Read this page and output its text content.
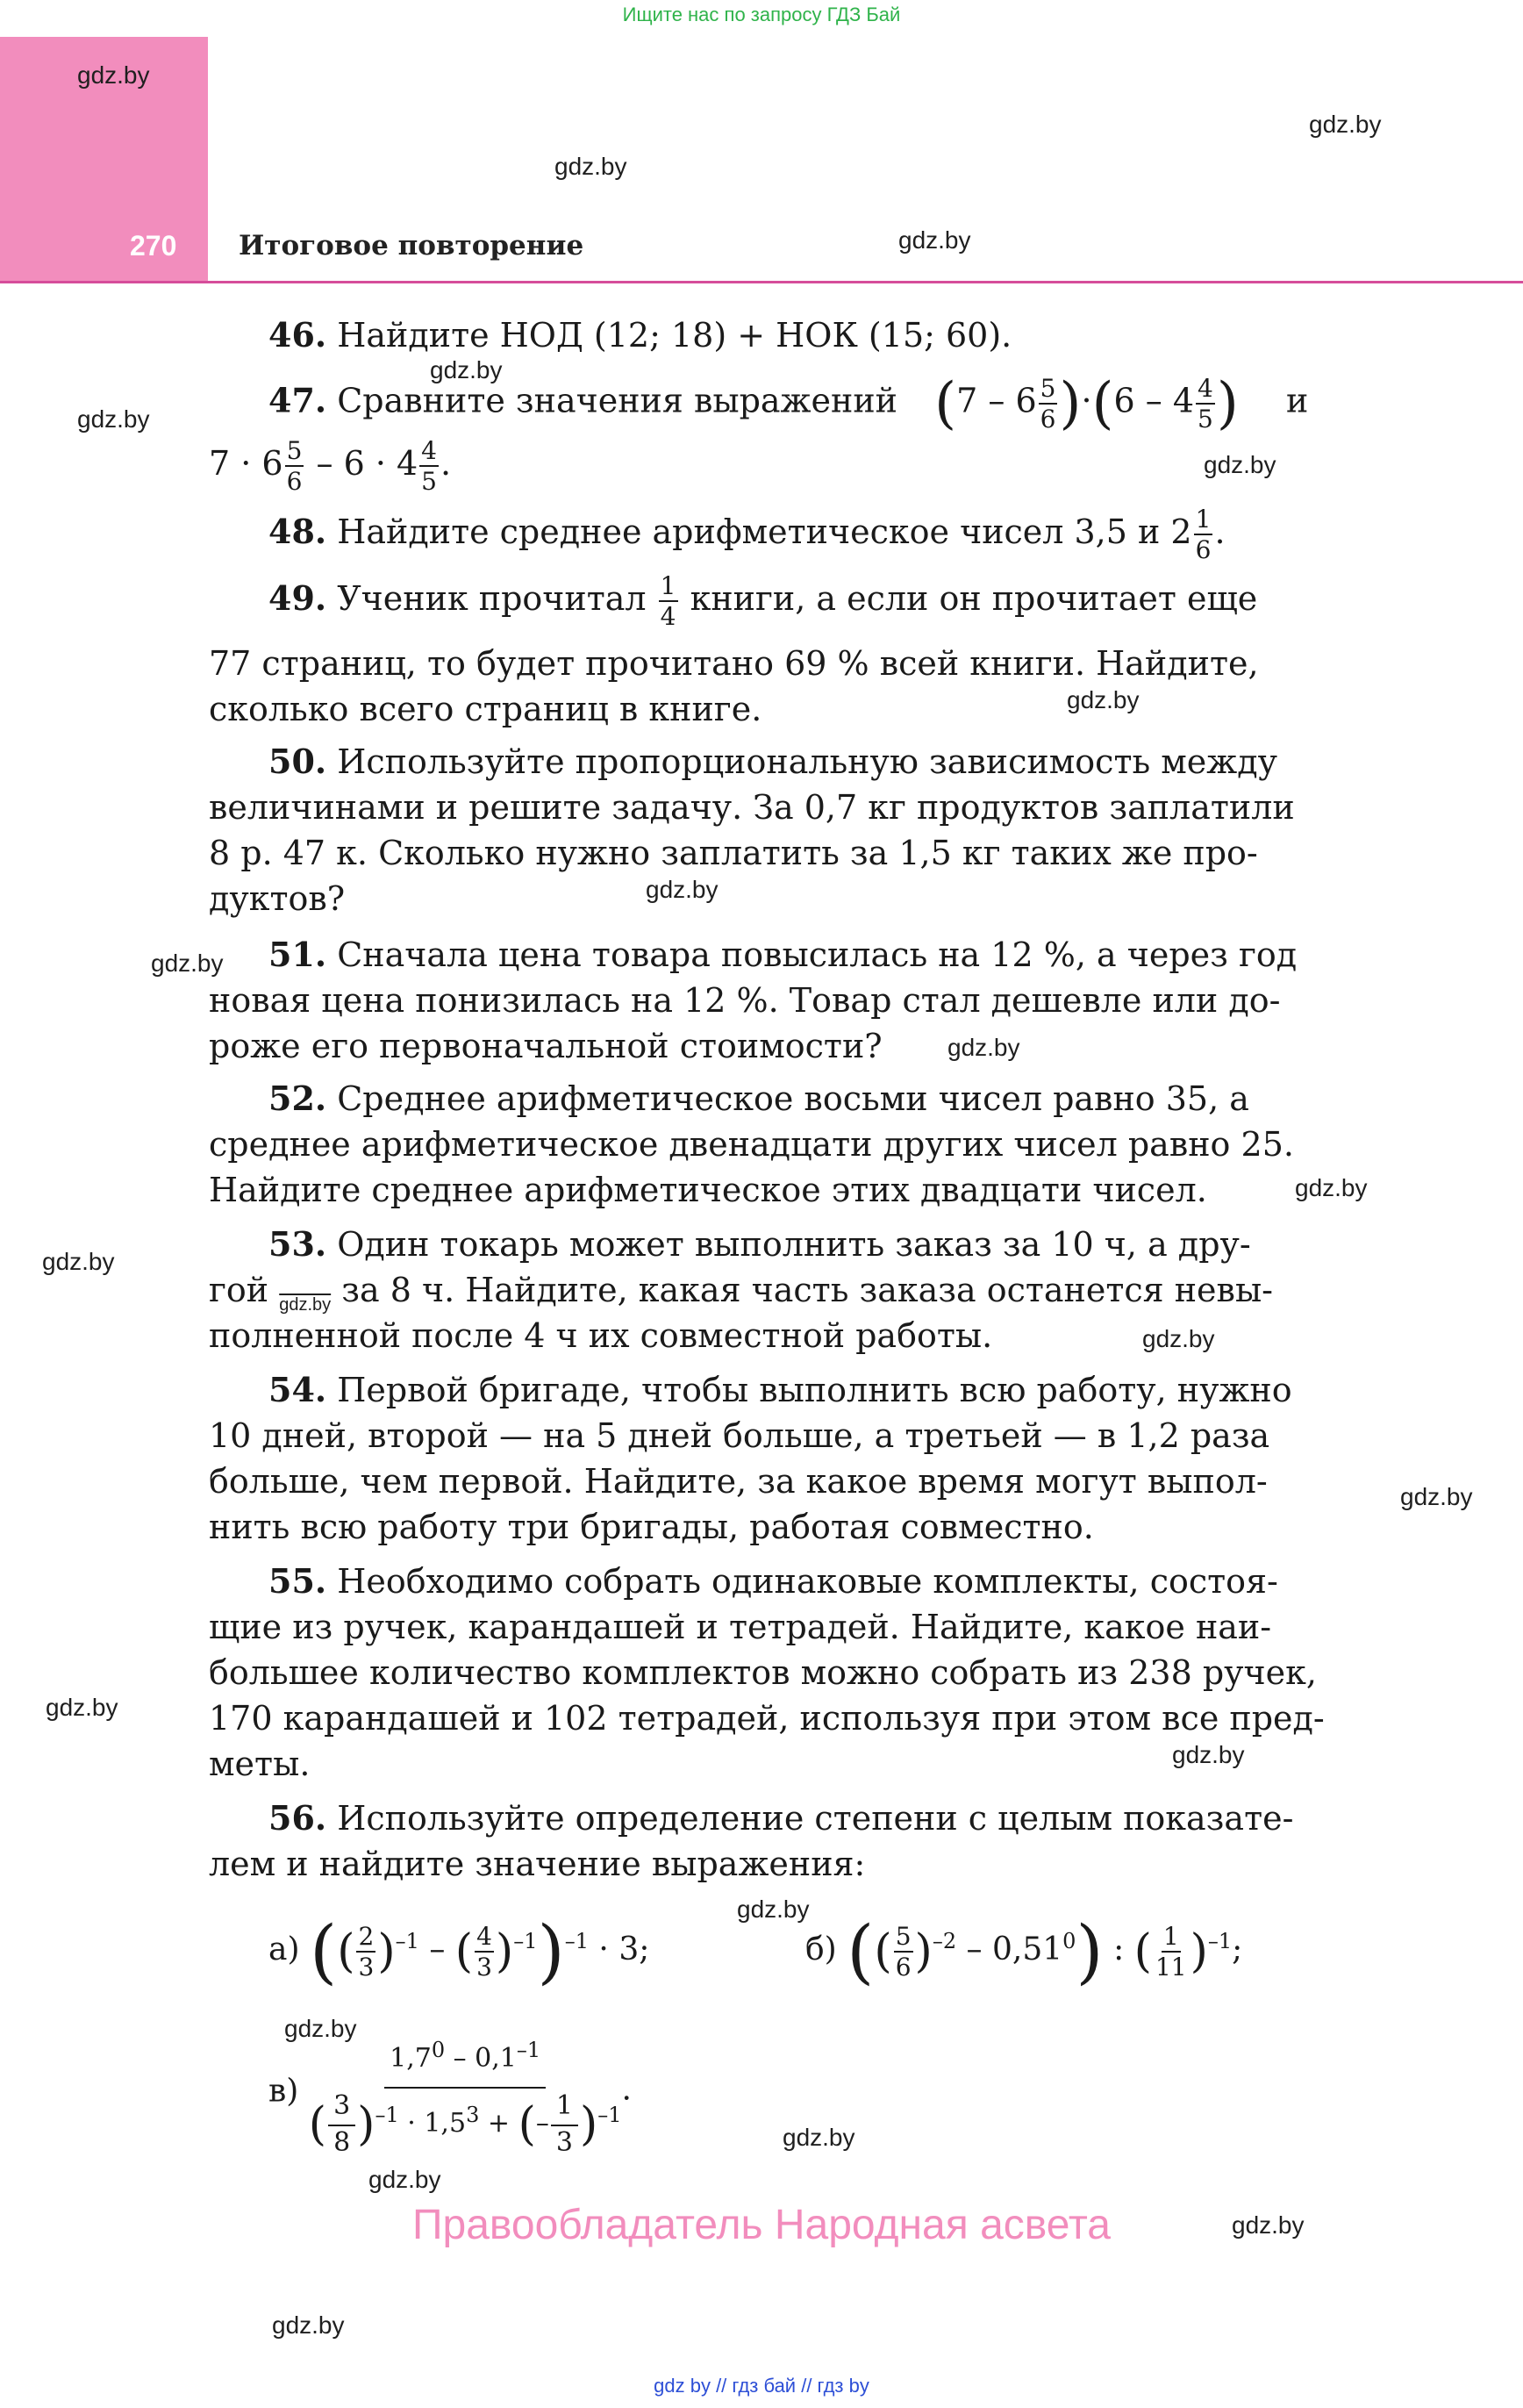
Ищите нас по запросу ГДЗ Бай
270 Итоговое повторение
gdz.by
gdz.by
gdz.by
gdz.by
gdz.by
gdz.by
gdz.by
gdz.by
gdz.by
gdz.by
gdz.by
gdz.by
gdz.by
gdz.by
gdz.by
gdz.by
gdz.by
gdz.by
gdz.by
gdz.by
gdz.by
gdz.by
gdz.by
46. Найдите НОД (12; 18) + НОК (15; 60).
47. Сравните значения выражений $(7 - 6 \frac{5}{6} )\cdot(6 - 4 \frac{4}{5}$ ) и
$7 \cdot 6 \frac{5}{6} - 6 \cdot 4 \frac{4}{5}$ .
48. Найдите среднее арифметическое чисел 3,5 и $2 \frac{1}{6}$ .
49. Ученик прочитал $\frac{1}{4}$ книги, а если он прочитает еще
77 страниц, то будет прочитано 69 % всей книги. Найдите,
сколько всего страниц в книге.
50. Используйте пропорциональную зависимость между
величинами и решите задачу. За 0,7 кг продуктов заплатили
8 р. 47 к. Сколько нужно заплатить за 1,5 кг таких же про-
дуктов?
51. Сначала цена товара повысилась на 12 %, а через год
новая цена понизилась на 12 %. Товар стал дешевле или до-
роже его первоначальной стоимости?
52. Среднее арифметическое восьми чисел равно 35, а
среднее арифметическое двенадцати других чисел равно 25.
Найдите среднее арифметическое этих двадцати чисел.
53. Один токарь может выполнить заказ за 10 ч, а дру-
гой $_{gdz.by}$ за 8 ч. Найдите, какая часть заказа останется невы-
полненной после 4 ч их совместной работы.
54. Первой бригаде, чтобы выполнить всю работу, нужно
10 дней, второй — на 5 дней больше, а третьей — в 1,2 раза
больше, чем первой. Найдите, за какое время могут выпол-
нить всю работу три бригады, работая совместно.
55. Необходимо собрать одинаковые комплекты, состоя-
щие из ручек, карандашей и тетрадей. Найдите, какое наи-
большее количество комплектов можно собрать из 238 ручек,
170 карандашей и 102 тетрадей, используя при этом все пред-
меты.
56. Используйте определение степени с целым показате-
лем и найдите значение выражения:
а) (( $\frac{2}{3} )^{-1}$ – ( $\frac{4}{3} )^{-1})^{-1} \cdot 3$;	б) (( $\frac{5}{6} )^{-2} - 0,51^0$) : ( $\frac{1}{11} )^{-1}$;
$в) \frac{1,7^0 - 0,1^{-1}}{( \frac{3}{8} )^{-1} \cdot 1,5^3 + (- \frac{1}{3} )^{-1}}$ .
Правообладатель Народная асвета
gdz by // гдз бай // гдз by
